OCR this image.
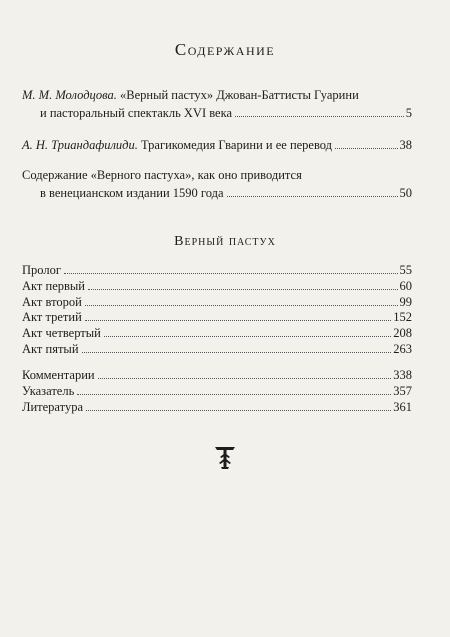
Содержание
М. М. Молодцова.
«Верный пастух» Джован-Баттисты Гуарини
и пасторальный спектакль XVI века	5
А. Н. Триандафилиди.
Трагикомедия Гварини и ее перевод	38
Содержание «Верного пастуха», как оно приводится
в венецианском издании 1590 года	50
Верный пастух
Пролог	55
Акт первый	60
Акт второй	99
Акт третий	152
Акт четвертый	208
Акт пятый	263
Комментарии	338
Указатель	357
Литература	361
